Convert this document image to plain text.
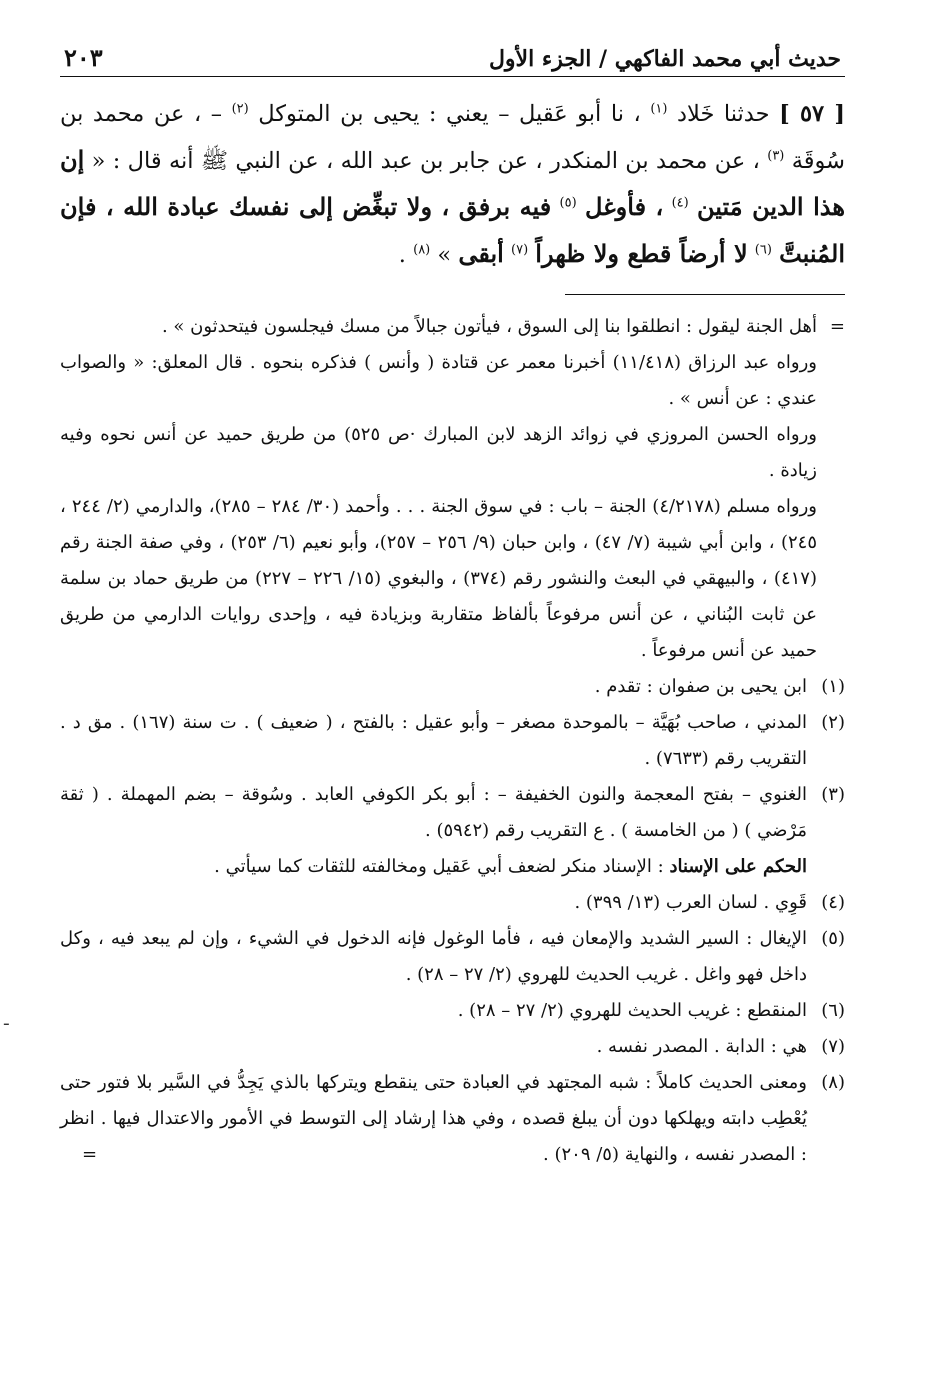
حديث أبي محمد الفاكهي / الجزء الأول
٢٠٣

[ ٥٧ ] حدثنا خَلاد $^{(١)}$ ، نا أبو عَقيل – يعني : يحيى بن المتوكل $^{(٢)}$ – ، عن محمد بن سُوقَة $^{(٣)}$ ، عن محمد بن المنكدر ، عن جابر بن عبد الله ، عن النبي ﷺ أنه قال : « إن هذا الدين مَتين $^{(٤)}$ ، فأوغل $^{(٥)}$ فيه برفق ، ولا تبغِّض إلى نفسك عبادة الله ، فإن المُنبتَّ $^{(٦)}$ لا أرضاً قطع ولا ظهراً $^{(٧)}$ أبقى » $^{(٨)}$ .

=

أهل الجنة ليقول : انطلقوا بنا إلى السوق ، فيأتون جبالاً من مسك فيجلسون فيتحدثون » .

ورواه عبد الرزاق (١١/٤١٨) أخبرنا معمر عن قتادة ( وأنس ) فذكره بنحوه . قال المعلق: « والصواب عندي : عن أنس » .

ورواه الحسن المروزي في زوائد الزهد لابن المبارك ·ص ٥٢٥) من طريق حميد عن أنس نحوه وفيه زيادة .

ورواه مسلم (٤/٢١٧٨) الجنة – باب : في سوق الجنة . . . وأحمد (٣٠/ ٢٨٤ – ٢٨٥)، والدارمي (٢/ ٢٤٤ ، ٢٤٥) ، وابن أبي شيبة (٧/ ٤٧) ، وابن حبان (٩/ ٢٥٦ – ٢٥٧)، وأبو نعيم (٦/ ٢٥٣) ، وفي صفة الجنة رقم (٤١٧) ، والبيهقي في البعث والنشور رقم (٣٧٤) ، والبغوي (١٥/ ٢٢٦ – ٢٢٧) من طريق حماد بن سلمة عن ثابت البُناني ، عن أنس مرفوعاً بألفاظ متقاربة وبزيادة فيه ، وإحدى روايات الدارمي من طريق حميد عن أنس مرفوعاً .

(١)

ابن يحيى بن صفوان : تقدم .

(٢)

المدني ، صاحب بُهَيَّة – بالموحدة مصغر – وأبو عقيل : بالفتح ، ( ضعيف ) . ت سنة (١٦٧) . مق د . التقريب رقم (٧٦٣٣) .

(٣)

الغنوي – بفتح المعجمة والنون الخفيفة – : أبو بكر الكوفي العابد . وسُوقة – بضم المهملة . ( ثقة مَرْضي ) ( من الخامسة ) . ع التقريب رقم (٥٩٤٢) .

الحكم على الإسناد : الإسناد منكر لضعف أبي عَقيل ومخالفته للثقات كما سيأتي .
(٤)

قَوِي . لسان العرب (١٣/ ٣٩٩) .

(٥)

الإيغال : السير الشديد والإمعان فيه ، فأما الوغول فإنه الدخول في الشيء ، وإن لم يبعد فيه ، وكل داخل فهو واغل . غريب الحديث للهروي (٢/ ٢٧ – ٢٨) .

(٦)

المنقطع : غريب الحديث للهروي (٢/ ٢٧ – ٢٨) .

(٧)

هي : الدابة . المصدر نفسه .

(٨)

ومعنى الحديث كاملاً : شبه المجتهد في العبادة حتى ينقطع ويتركها بالذي يَجِدُّ في السَّير بلا فتور حتى يُعْطِب دابته ويهلكها دون أن يبلغ قصده ، وفي هذا إرشاد إلى التوسط في الأمور والاعتدال فيها . انظر : المصدر نفسه ، والنهاية (٥/ ٢٠٩) .
=

ـ
